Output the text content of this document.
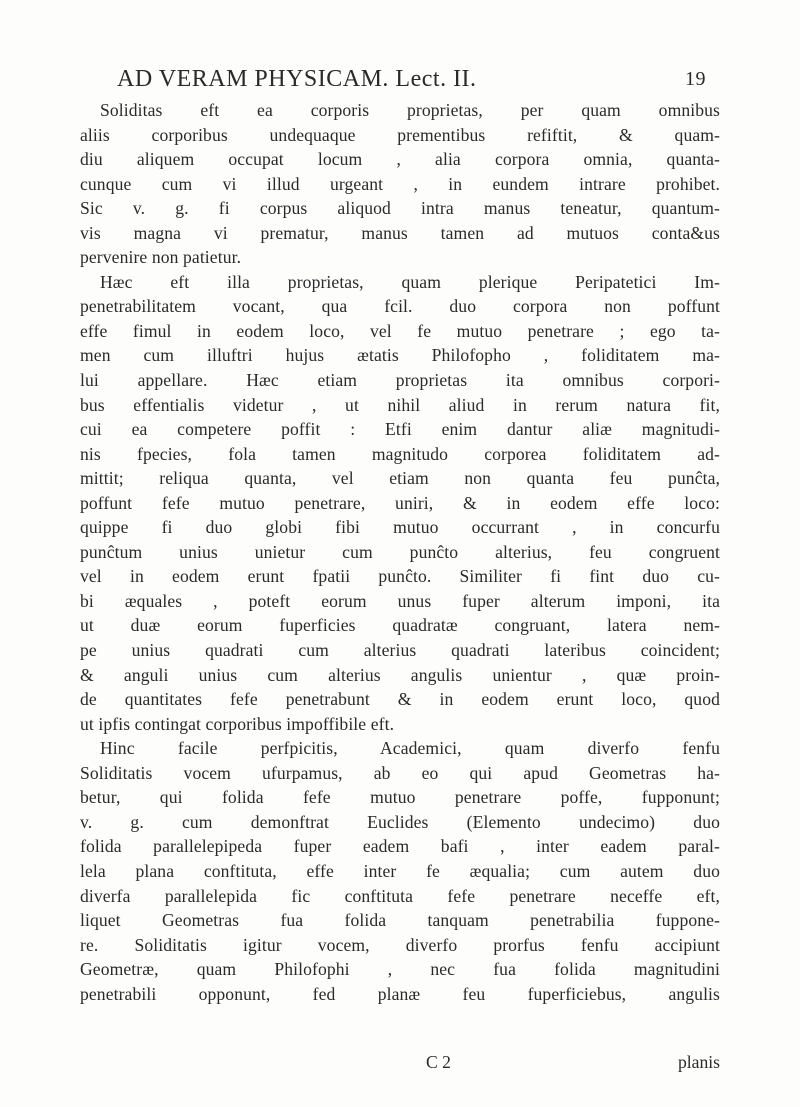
AD VERAM PHYSICAM. Lect. II.	19
Soliditas eft ea corporis proprietas, per quam omnibus
aliis corporibus undequaque prementibus refiftit, & quam-
diu aliquem occupat locum , alia corpora omnia, quanta-
cunque cum vi illud urgeant , in eundem intrare prohibet.
Sic v. g. fi corpus aliquod intra manus teneatur, quantum-
vis magna vi prematur, manus tamen ad mutuos conta&us
pervenire non patietur.
Hæc eft illa proprietas, quam plerique Peripatetici Im-
penetrabilitatem vocant, qua fcil. duo corpora non poffunt
effe fimul in eodem loco, vel fe mutuo penetrare ; ego ta-
men cum illuftri hujus ætatis Philofopho , foliditatem ma-
lui appellare. Hæc etiam proprietas ita omnibus corpori-
bus effentialis videtur , ut nihil aliud in rerum natura fit,
cui ea competere poffit : Etfi enim dantur aliæ magnitudi-
nis fpecies, fola tamen magnitudo corporea foliditatem ad-
mittit; reliqua quanta, vel etiam non quanta feu punĉta,
poffunt fefe mutuo penetrare, uniri, & in eodem effe loco:
quippe fi duo globi fibi mutuo occurrant , in concurfu
punĉtum unius unietur cum punĉto alterius, feu congruent
vel in eodem erunt fpatii punĉto. Similiter fi fint duo cu-
bi æquales , poteft eorum unus fuper alterum imponi, ita
ut duæ eorum fuperficies quadratæ congruant, latera nem-
pe unius quadrati cum alterius quadrati lateribus coincident;
& anguli unius cum alterius angulis unientur , quæ proin-
de quantitates fefe penetrabunt & in eodem erunt loco, quod
ut ipfis contingat corporibus impoffibile eft.
Hinc facile perfpicitis, Academici, quam diverfo fenfu
Soliditatis vocem ufurpamus, ab eo qui apud Geometras ha-
betur, qui folida fefe mutuo penetrare poffe, fupponunt;
v. g. cum demonftrat Euclides (Elemento undecimo) duo
folida parallelepipeda fuper eadem bafi , inter eadem paral-
lela plana conftituta, effe inter fe æqualia; cum autem duo
diverfa parallelepida fic conftituta fefe penetrare neceffe eft,
liquet Geometras fua folida tanquam penetrabilia fuppone-
re. Soliditatis igitur vocem, diverfo prorfus fenfu accipiunt
Geometræ, quam Philofophi , nec fua folida magnitudini
penetrabili opponunt, fed planæ feu fuperficiebus, angulis
C 2	planis
